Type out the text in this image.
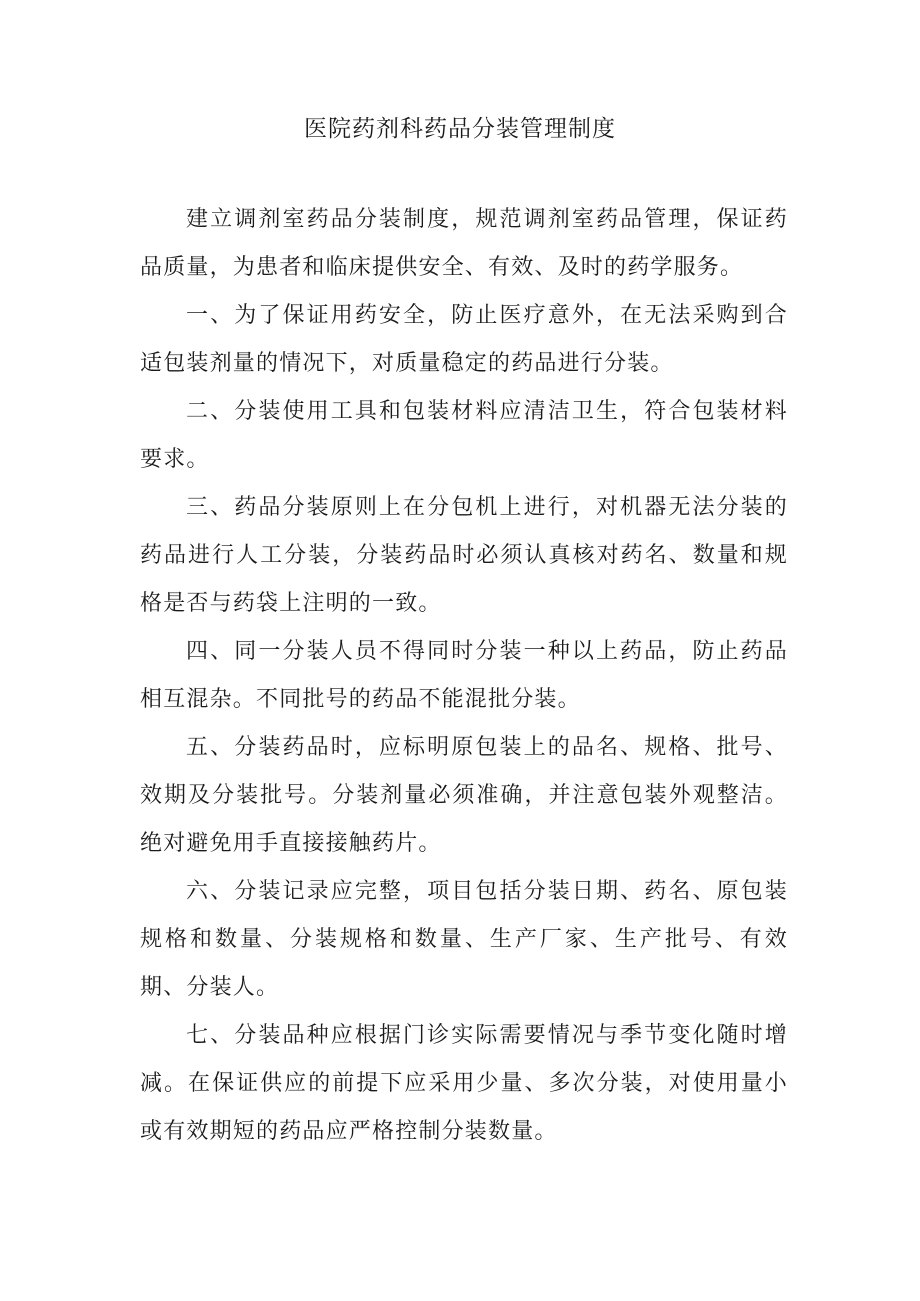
医院药剂科药品分装管理制度

建立调剂室药品分装制度，规范调剂室药品管理，保证药品质量，为患者和临床提供安全、有效、及时的药学服务。

一、为了保证用药安全，防止医疗意外，在无法采购到合适包装剂量的情况下，对质量稳定的药品进行分装。

二、分装使用工具和包装材料应清洁卫生，符合包装材料要求。

三、药品分装原则上在分包机上进行，对机器无法分装的药品进行人工分装，分装药品时必须认真核对药名、数量和规格是否与药袋上注明的一致。

四、同一分装人员不得同时分装一种以上药品，防止药品相互混杂。不同批号的药品不能混批分装。

五、分装药品时，应标明原包装上的品名、规格、批号、效期及分装批号。分装剂量必须准确，并注意包装外观整洁。绝对避免用手直接接触药片。

六、分装记录应完整，项目包括分装日期、药名、原包装规格和数量、分装规格和数量、生产厂家、生产批号、有效期、分装人。

七、分装品种应根据门诊实际需要情况与季节变化随时增减。在保证供应的前提下应采用少量、多次分装，对使用量小或有效期短的药品应严格控制分装数量。
